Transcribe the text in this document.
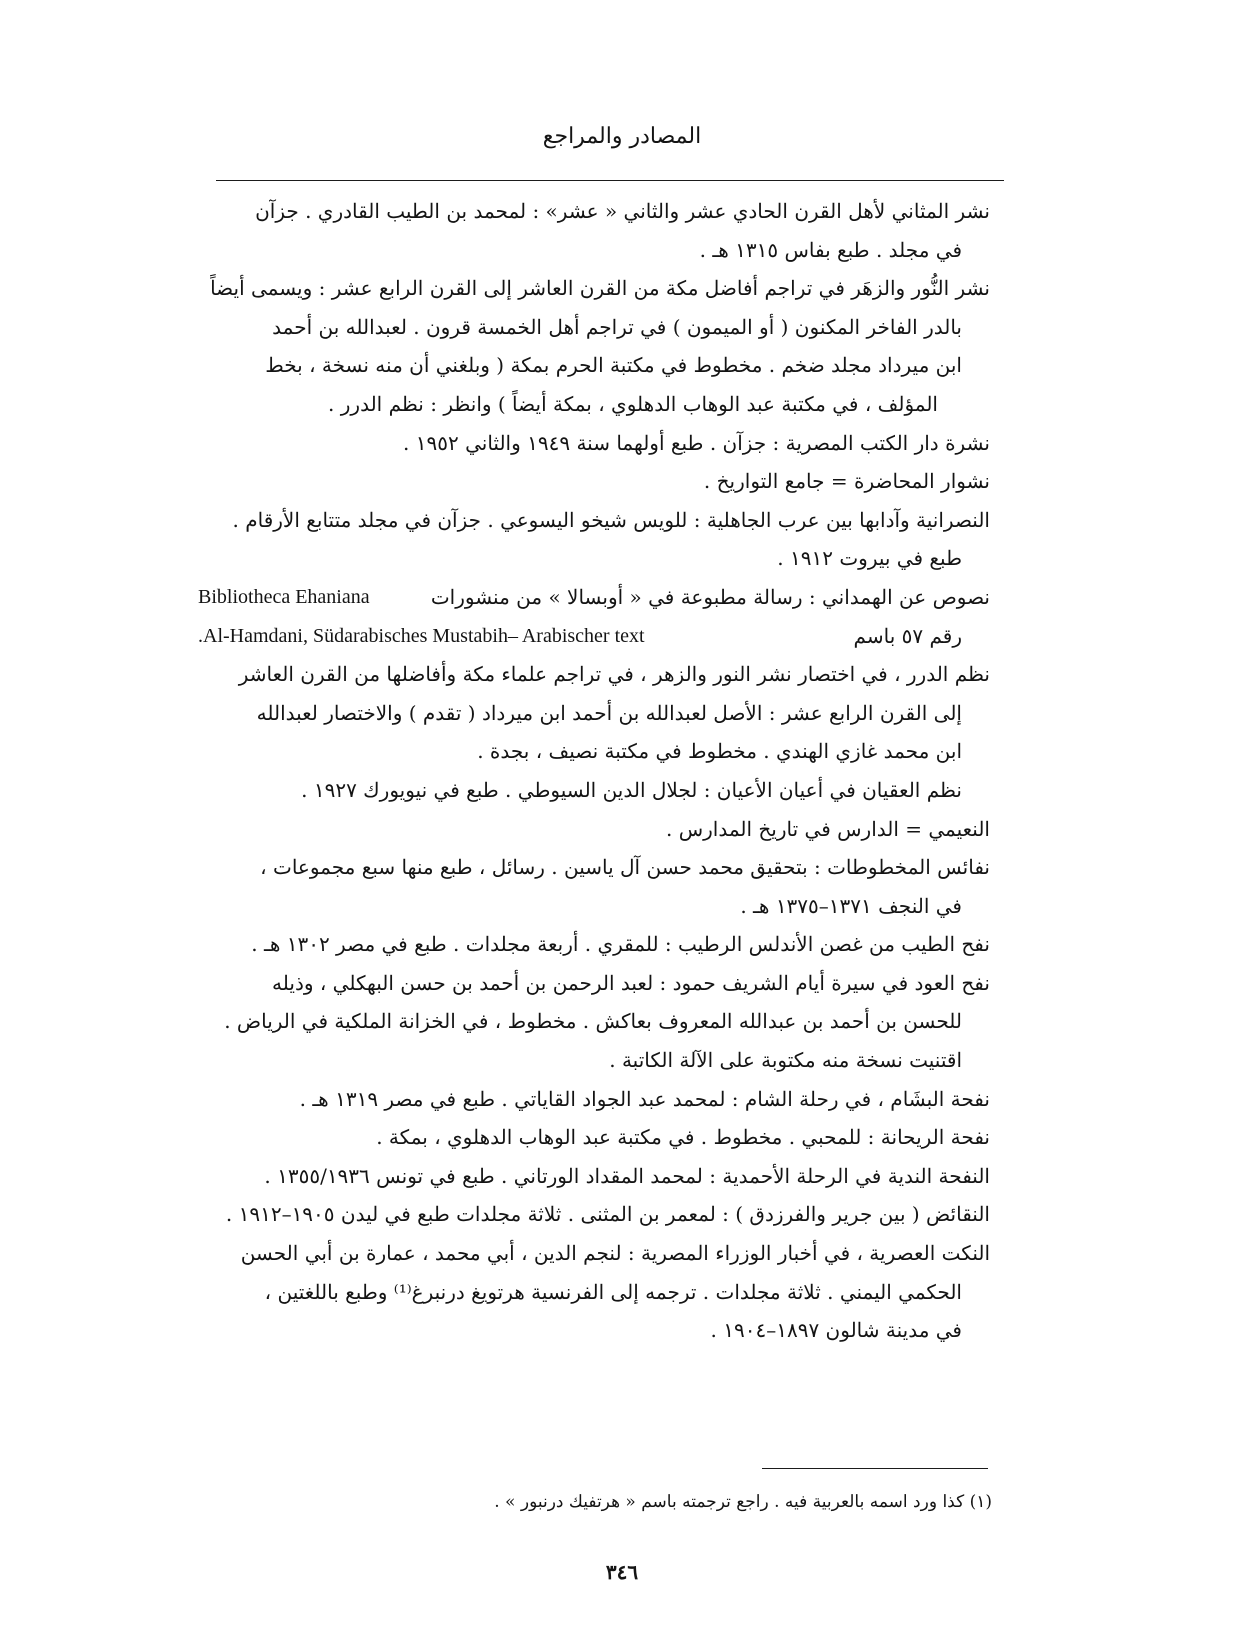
المصادر والمراجع
نشر المثاني لأهل القرن الحادي عشر والثاني « عشر» : لمحمد بن الطيب القادري . جزآن
في مجلد . طبع بفاس ١٣١٥ هـ .
نشر النُّور والزهَر في تراجم أفاضل مكة من القرن العاشر إلى القرن الرابع عشر : ويسمى أيضاً
بالدر الفاخر المكنون ( أو الميمون ) في تراجم أهل الخمسة قرون . لعبدالله بن أحمد
ابن ميرداد مجلد ضخم . مخطوط في مكتبة الحرم بمكة ( وبلغني أن منه نسخة ، بخط
المؤلف ، في مكتبة عبد الوهاب الدهلوي ، بمكة أيضاً ) وانظر : نظم الدرر .
نشرة دار الكتب المصرية : جزآن . طبع أولهما سنة ١٩٤٩ والثاني ١٩٥٢ .
نشوار المحاضرة = جامع التواريخ .
النصرانية وآدابها بين عرب الجاهلية : للويس شيخو اليسوعي . جزآن في مجلد متتابع الأرقام .
طبع في بيروت ١٩١٢ .
نصوص عن الهمداني : رسالة مطبوعة في « أوبسالا » من منشورات
Bibliotheca Ehaniana
رقم ٥٧ باسم
.Al-Hamdani, Südarabisches Mustabih– Arabischer text
نظم الدرر ، في اختصار نشر النور والزهر ، في تراجم علماء مكة وأفاضلها من القرن العاشر
إلى القرن الرابع عشر : الأصل لعبدالله بن أحمد ابن ميرداد ( تقدم ) والاختصار لعبدالله
ابن محمد غازي الهندي . مخطوط في مكتبة نصيف ، بجدة .
نظم العقيان في أعيان الأعيان : لجلال الدين السيوطي . طبع في نيويورك ١٩٢٧ .
النعيمي = الدارس في تاريخ المدارس .
نفائس المخطوطات : بتحقيق محمد حسن آل ياسين . رسائل ، طبع منها سبع مجموعات ،
في النجف ١٣٧١–١٣٧٥ هـ .
نفح الطيب من غصن الأندلس الرطيب : للمقري . أربعة مجلدات . طبع في مصر ١٣٠٢ هـ .
نفح العود في سيرة أيام الشريف حمود : لعبد الرحمن بن أحمد بن حسن البهكلي ، وذيله
للحسن بن أحمد بن عبدالله المعروف بعاكش . مخطوط ، في الخزانة الملكية في الرياض .
اقتنيت نسخة منه مكتوبة على الآلة الكاتبة .
نفحة البشَام ، في رحلة الشام : لمحمد عبد الجواد القاياتي . طبع في مصر ١٣١٩ هـ .
نفحة الريحانة : للمحبي . مخطوط . في مكتبة عبد الوهاب الدهلوي ، بمكة .
النفحة الندية في الرحلة الأحمدية : لمحمد المقداد الورتاني . طبع في تونس ١٣٥٥/١٩٣٦ .
النقائض ( بين جرير والفرزدق ) : لمعمر بن المثنى . ثلاثة مجلدات طبع في ليدن ١٩٠٥–١٩١٢ .
النكت العصرية ، في أخبار الوزراء المصرية : لنجم الدين ، أبي محمد ، عمارة بن أبي الحسن
الحكمي اليمني . ثلاثة مجلدات . ترجمه إلى الفرنسية هرتويغ درنبرغ⁽¹⁾ وطبع باللغتين ،
في مدينة شالون ١٨٩٧–١٩٠٤ .
(١) كذا ورد اسمه بالعربية فيه . راجع ترجمته باسم « هرتفيك درنبور » .
٣٤٦
